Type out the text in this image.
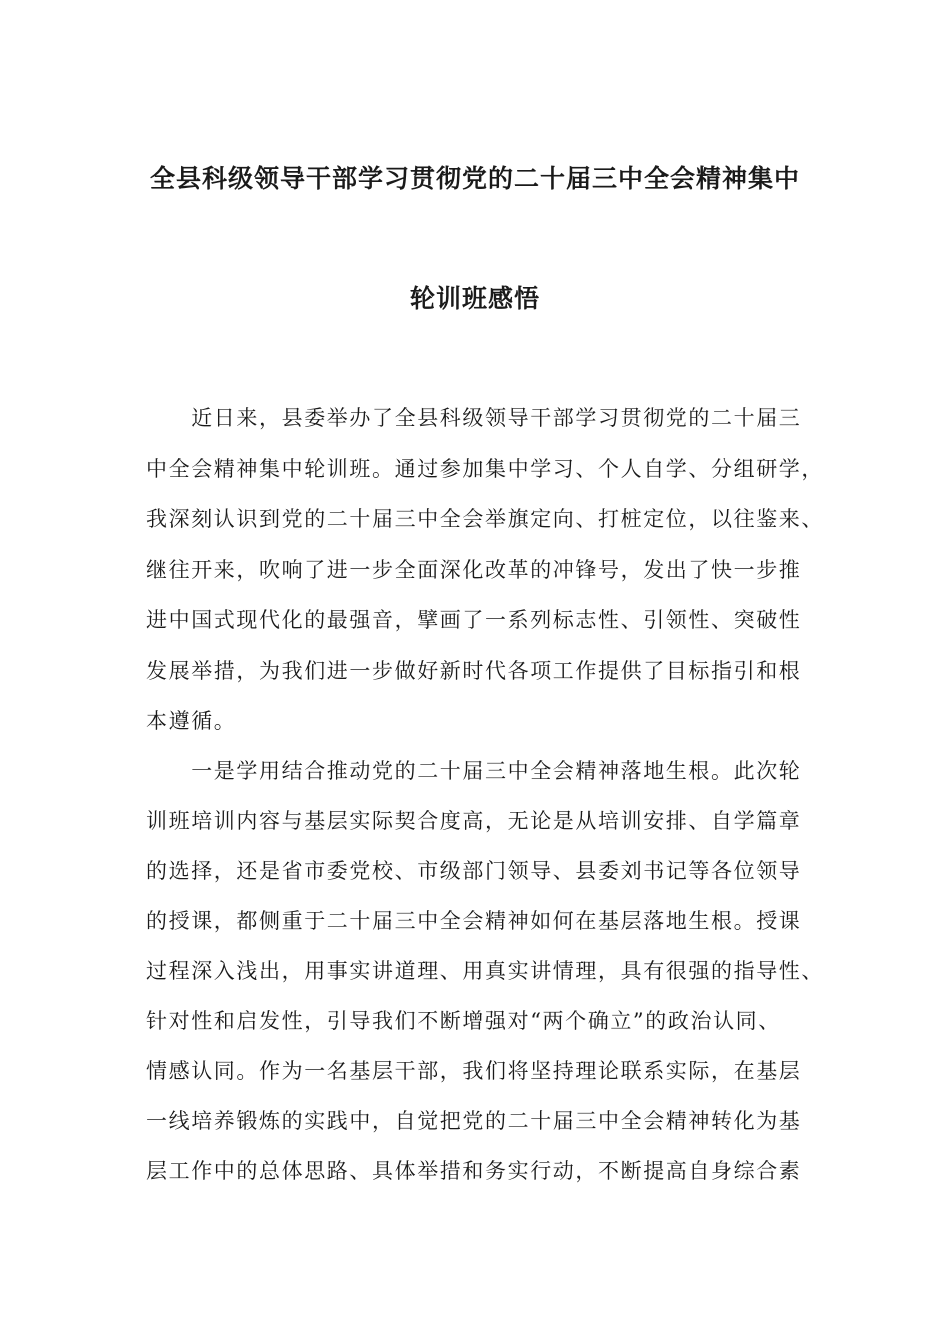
全县科级领导干部学习贯彻党的二十届三中全会精神集中
轮训班感悟
　　近日来，县委举办了全县科级领导干部学习贯彻党的二十届三
中全会精神集中轮训班。通过参加集中学习、个人自学、分组研学，
我深刻认识到党的二十届三中全会举旗定向、打桩定位，以往鉴来、
继往开来，吹响了进一步全面深化改革的冲锋号，发出了快一步推
进中国式现代化的最强音，擘画了一系列标志性、引领性、突破性
发展举措，为我们进一步做好新时代各项工作提供了目标指引和根
本遵循。
　　一是学用结合推动党的二十届三中全会精神落地生根。此次轮
训班培训内容与基层实际契合度高，无论是从培训安排、自学篇章
的选择，还是省市委党校、市级部门领导、县委刘书记等各位领导
的授课，都侧重于二十届三中全会精神如何在基层落地生根。授课
过程深入浅出，用事实讲道理、用真实讲情理，具有很强的指导性、
针对性和启发性，引导我们不断增强对“两个确立”的政治认同、
情感认同。作为一名基层干部，我们将坚持理论联系实际，在基层
一线培养锻炼的实践中，自觉把党的二十届三中全会精神转化为基
层工作中的总体思路、具体举措和务实行动，不断提高自身综合素
